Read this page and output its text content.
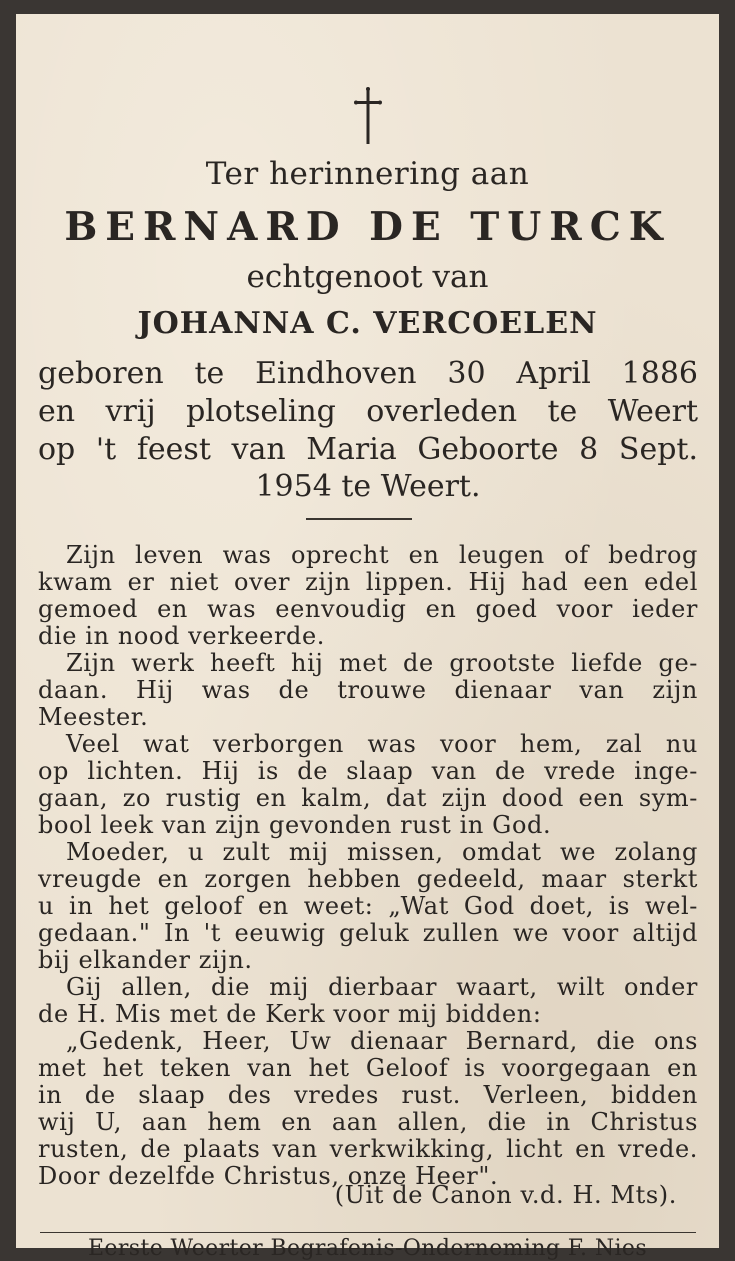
Ter herinnering aan
BERNARD DE TURCK
echtgenoot van
JOHANNA C. VERCOELEN
geboren te Eindhoven 30 April 1886
en vrij plotseling overleden te Weert
op 't feest van Maria Geboorte 8 Sept.
1954 te Weert.
Zijn leven was oprecht en leugen of bedrog
kwam er niet over zijn lippen. Hij had een edel
gemoed en was eenvoudig en goed voor ieder
die in nood verkeerde.
Zijn werk heeft hij met de grootste liefde ge-
daan. Hij was de trouwe dienaar van zijn
Meester.
Veel wat verborgen was voor hem, zal nu
op lichten. Hij is de slaap van de vrede inge-
gaan, zo rustig en kalm, dat zijn dood een sym-
bool leek van zijn gevonden rust in God.
Moeder, u zult mij missen, omdat we zolang
vreugde en zorgen hebben gedeeld, maar sterkt
u in het geloof en weet: „Wat God doet, is wel-
gedaan." In 't eeuwig geluk zullen we voor altijd
bij elkander zijn.
Gij allen, die mij dierbaar waart, wilt onder
de H. Mis met de Kerk voor mij bidden:
„Gedenk, Heer, Uw dienaar Bernard, die ons
met het teken van het Geloof is voorgegaan en
in de slaap des vredes rust. Verleen, bidden
wij U, aan hem en aan allen, die in Christus
rusten, de plaats van verkwikking, licht en vrede.
Door dezelfde Christus, onze Heer".
(Uit de Canon v.d. H. Mts).
Eerste Weerter Begrafenis-Onderneming F. Nies
